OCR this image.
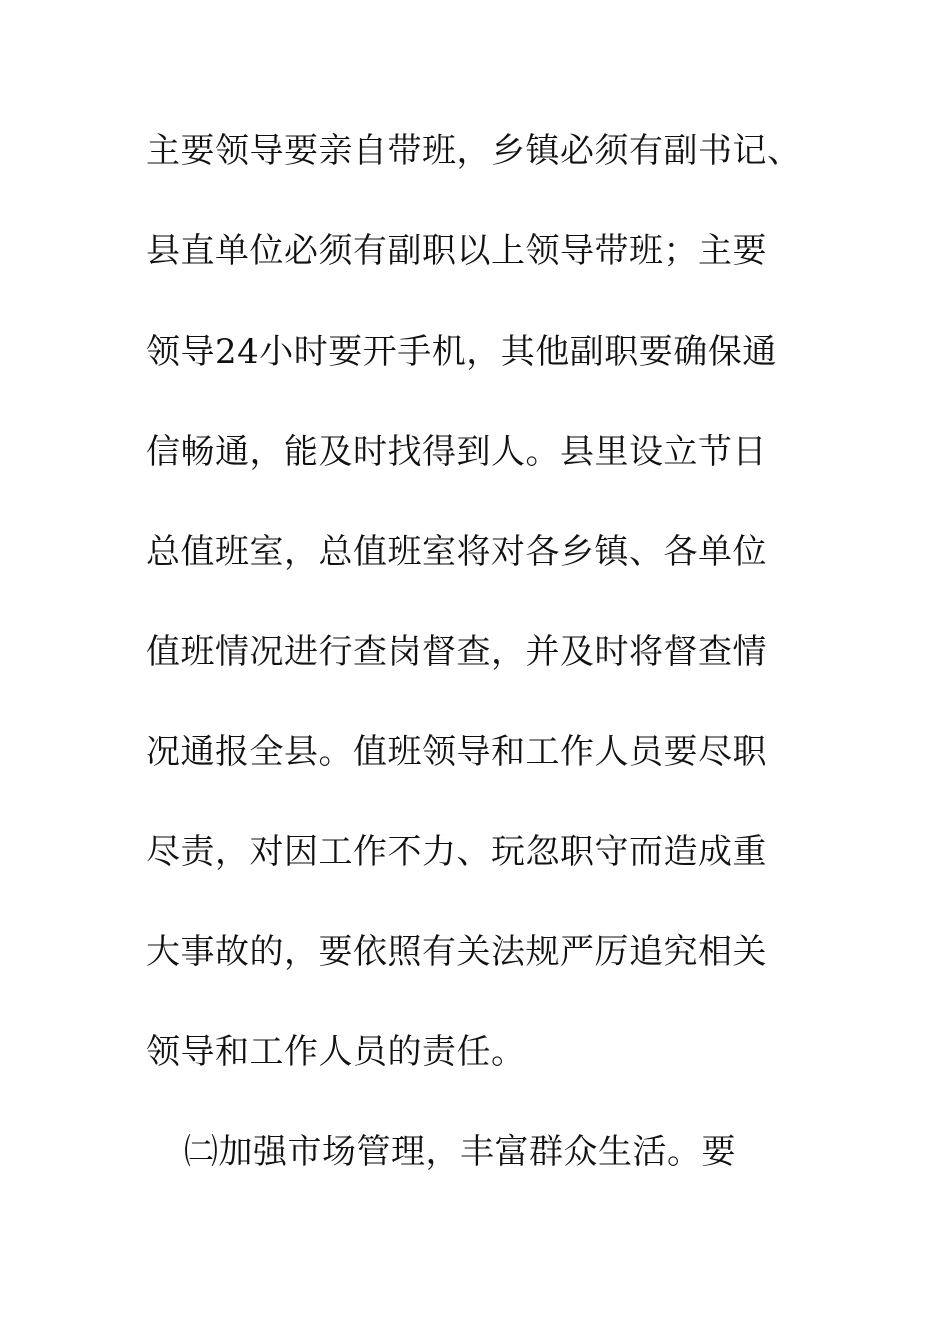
主要领导要亲自带班，乡镇必须有副书记、
县直单位必须有副职以上领导带班；主要
领导24小时要开手机，其他副职要确保通
信畅通，能及时找得到人。县里设立节日
总值班室，总值班室将对各乡镇、各单位
值班情况进行查岗督查，并及时将督查情
况通报全县。值班领导和工作人员要尽职
尽责，对因工作不力、玩忽职守而造成重
大事故的，要依照有关法规严厉追究相关
领导和工作人员的责任。
㈡加强市场管理，丰富群众生活。要
